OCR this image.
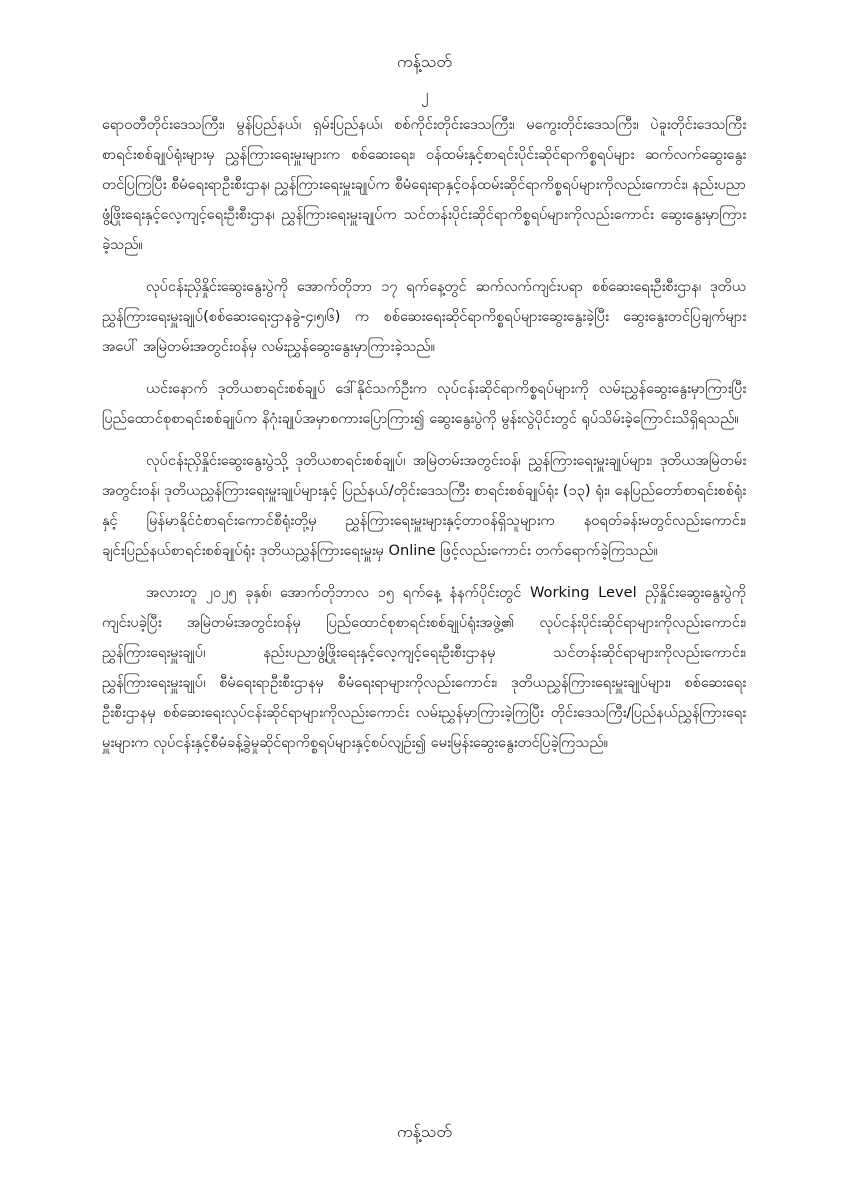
ကန့်သတ်
၂

ရောဝတီတိုင်းဒေသကြီး၊ မွန်ပြည်နယ်၊ ရှမ်းပြည်နယ်၊ စစ်ကိုင်းတိုင်းဒေသကြီး၊ မကွေးတိုင်းဒေသကြီး၊ ပဲခူးတိုင်းဒေသကြီးစာရင်းစစ်ချုပ်ရုံးများမှ ညွှန်ကြားရေးမှူးများက စစ်ဆေးရေး၊ ဝန်ထမ်းနှင့်စာရင်းပိုင်းဆိုင်ရာကိစ္စရပ်များ ဆက်လက်ဆွေးနွေးတင်ပြကြပြီး စီမံရေးရာဦးစီးဌာန၊ ညွှန်ကြားရေးမှူးချုပ်က စီမံရေးရာနှင့်ဝန်ထမ်းဆိုင်ရာကိစ္စရပ်များကိုလည်းကောင်း၊ နည်းပညာဖွံ့ဖြိုးရေးနှင့်လေ့ကျင့်ရေးဦးစီးဌာန၊ ညွှန်ကြားရေးမှူးချုပ်က သင်တန်းပိုင်းဆိုင်ရာကိစ္စရပ်များကိုလည်းကောင်း ဆွေးနွေးမှာကြားခဲ့သည်။

လုပ်ငန်းညှိနှိုင်းဆွေးနွေးပွဲကို အောက်တိုဘာ ၁၇ ရက်နေ့တွင် ဆက်လက်ကျင်းပရာ စစ်ဆေးရေးဦးစီးဌာန၊ ဒုတိယညွှန်ကြားရေးမှူးချုပ်(စစ်ဆေးရေးဌာနခွဲ-၄၊၅၊၆) က စစ်ဆေးရေးဆိုင်ရာကိစ္စရပ်များဆွေးနွေးခဲ့ပြီး ဆွေးနွေးတင်ပြချက်များအပေါ် အမြဲတမ်းအတွင်းဝန်မှ လမ်းညွှန်ဆွေးနွေးမှာကြားခဲ့သည်။

ယင်းနောက် ဒုတိယစာရင်းစစ်ချုပ် ဒေါ်နိုင်သက်ဦးက လုပ်ငန်းဆိုင်ရာကိစ္စရပ်များကို လမ်းညွှန်ဆွေးနွေးမှာကြားပြီး ပြည်ထောင်စုစာရင်းစစ်ချုပ်က နိဂုံးချုပ်အမှာစကားပြောကြား၍ ဆွေးနွေးပွဲကို မွန်းလွဲပိုင်းတွင် ရုပ်သိမ်းခဲ့ကြောင်းသိရှိရသည်။

လုပ်ငန်းညှိနှိုင်းဆွေးနွေးပွဲသို့ ဒုတိယစာရင်းစစ်ချုပ်၊ အမြဲတမ်းအတွင်းဝန်၊ ညွှန်ကြားရေးမှူးချုပ်များ၊ ဒုတိယအမြဲတမ်းအတွင်းဝန်၊ ဒုတိယညွှန်ကြားရေးမှူးချုပ်များနှင့် ပြည်နယ်/တိုင်းဒေသကြီး စာရင်းစစ်ချုပ်ရုံး (၁၃) ရုံး၊ နေပြည်တော်စာရင်းစစ်ရုံးနှင့် မြန်မာနိုင်ငံစာရင်းကောင်စီရုံးတို့မှ ညွှန်ကြားရေးမှူးများနှင့်တာဝန်ရှိသူများက နဝရတ်ခန်းမတွင်လည်းကောင်း၊ ချင်းပြည်နယ်စာရင်းစစ်ချုပ်ရုံး ဒုတိယညွှန်ကြားရေးမှူးမှ Online ဖြင့်လည်းကောင်း တက်ရောက်ခဲ့ကြသည်။

အလားတူ ၂၀၂၅ ခုနှစ်၊ အောက်တိုဘာလ ၁၅ ရက်နေ့ နံနက်ပိုင်းတွင် Working Level ညှိနှိုင်းဆွေးနွေးပွဲကိုကျင်းပခဲ့ပြီး အမြဲတမ်းအတွင်းဝန်မှ ပြည်ထောင်စုစာရင်းစစ်ချုပ်ရုံးအဖွဲ့၏ လုပ်ငန်းပိုင်းဆိုင်ရာများကိုလည်းကောင်း၊ ညွှန်ကြားရေးမှူးချုပ်၊ နည်းပညာဖွံ့ဖြိုးရေးနှင့်လေ့ကျင့်ရေးဦးစီးဌာနမှ သင်တန်းဆိုင်ရာများကိုလည်းကောင်း၊ ညွှန်ကြားရေးမှူးချုပ်၊ စီမံရေးရာဦးစီးဌာနမှ စီမံရေးရာများကိုလည်းကောင်း၊ ဒုတိယညွှန်ကြားရေးမှူးချုပ်များ၊ စစ်ဆေးရေးဦးစီးဌာနမှ စစ်ဆေးရေးလုပ်ငန်းဆိုင်ရာများကိုလည်းကောင်း လမ်းညွှန်မှာကြားခဲ့ကြပြီး တိုင်းဒေသကြီး/ပြည်နယ်ညွှန်ကြားရေးမှူးများက လုပ်ငန်းနှင့်စီမံခန့်ခွဲမှုဆိုင်ရာကိစ္စရပ်များနှင့်စပ်လျဉ်း၍ မေးမြန်းဆွေးနွေးတင်ပြခဲ့ကြသည်။

ကန့်သတ်
